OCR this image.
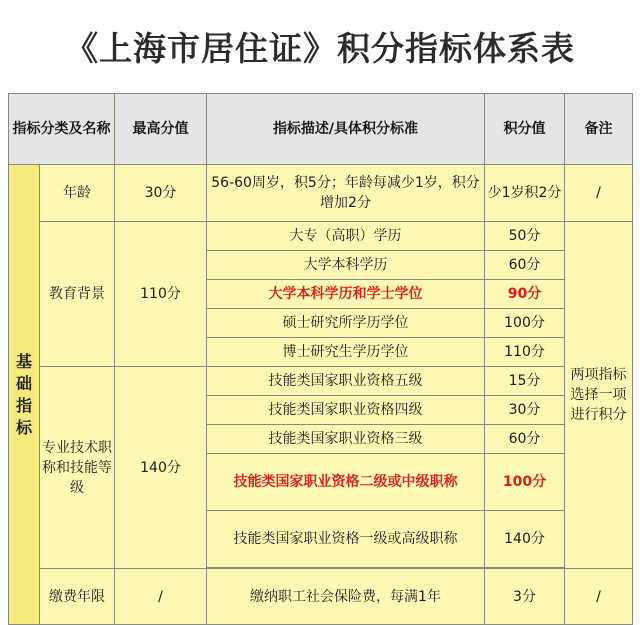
《上海市居住证》积分指标体系表
指标分类及名称		最高分值	指标描述/具体积分标准	积分值	备注
基础指标	年龄	30分	56-60周岁，积5分；年龄每减少1岁，积分增加2分	少1岁积2分	/
	教育背景	110分	大专（高职）学历	50分	两项指标选择一项进行积分
			大学本科学历	60分	
			大学本科学历和学士学位	90分	
			硕士研究所学历学位	100分	
			博士研究生学历学位	110分	
	专业技术职称和技能等级	140分	技能类国家职业资格五级	15分	
			技能类国家职业资格四级	30分	
			技能类国家职业资格三级	60分	
			技能类国家职业资格二级或中级职称	100分	
			技能类国家职业资格一级或高级职称	140分	

	缴费年限	/	缴纳职工社会保险费，每满1年	3分	/
